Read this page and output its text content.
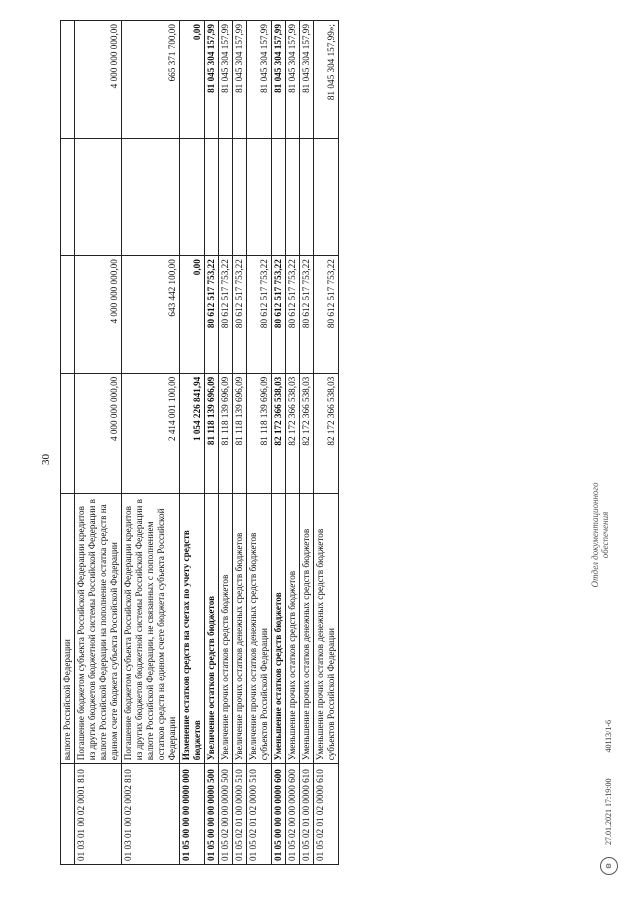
30
	валюте Российской Федерации				
01 03 01 00 02 0001 810	Погашение бюджетом субъекта Российской Федерации кредитов из других бюджетов бюджетной системы Российской Федерации в валюте Российской Федерации на пополнение остатка средств на едином счете бюджета субъекта Российской Федерации	4 000 000 000,00	4 000 000 000,00		4 000 000 000,00
01 03 01 00 02 0002 810	Погашение бюджетом субъекта Российской Федерации кредитов из других бюджетов бюджетной системы Российской Федерации в валюте Российской Федерации, не связанных с пополнением остатков средств на едином счете бюджета субъекта Российской Федерации	2 414 001 100,00	643 442 100,00		665 371 700,00
01 05 00 00 00 0000 000	Изменение остатков средств на счетах по учету средств бюджетов	1 054 226 841,94	0,00		0,00
01 05 00 00 00 0000 500	Увеличение остатков средств бюджетов	81 118 139 696,09	80 612 517 753,22		81 045 304 157,99
01 05 02 00 00 0000 500	Увеличение прочих остатков средств бюджетов	81 118 139 696,09	80 612 517 753,22		81 045 304 157,99
01 05 02 01 00 0000 510	Увеличение прочих остатков денежных средств бюджетов	81 118 139 696,09	80 612 517 753,22		81 045 304 157,99
01 05 02 01 02 0000 510	Увеличение прочих остатков денежных средств бюджетов субъектов Российской Федерации	81 118 139 696,09	80 612 517 753,22		81 045 304 157,99
01 05 00 00 00 0000 600	Уменьшение остатков средств бюджетов	82 172 366 538,03	80 612 517 753,22		81 045 304 157,99
01 05 02 00 00 0000 600	Уменьшение прочих остатков средств бюджетов	82 172 366 538,03	80 612 517 753,22		81 045 304 157,99
01 05 02 01 00 0000 610	Уменьшение прочих остатков денежных средств бюджетов	82 172 366 538,03	80 612 517 753,22		81 045 304 157,99
01 05 02 01 02 0000 610	Уменьшение прочих остатков денежных средств бюджетов субъектов Российской Федерации	82 172 366 538,03	80 612 517 753,22		81 045 304 157,99»;
⚙ 27.01.2021 17:19:00 40113/1-6
Отдел документационного обеспечения
